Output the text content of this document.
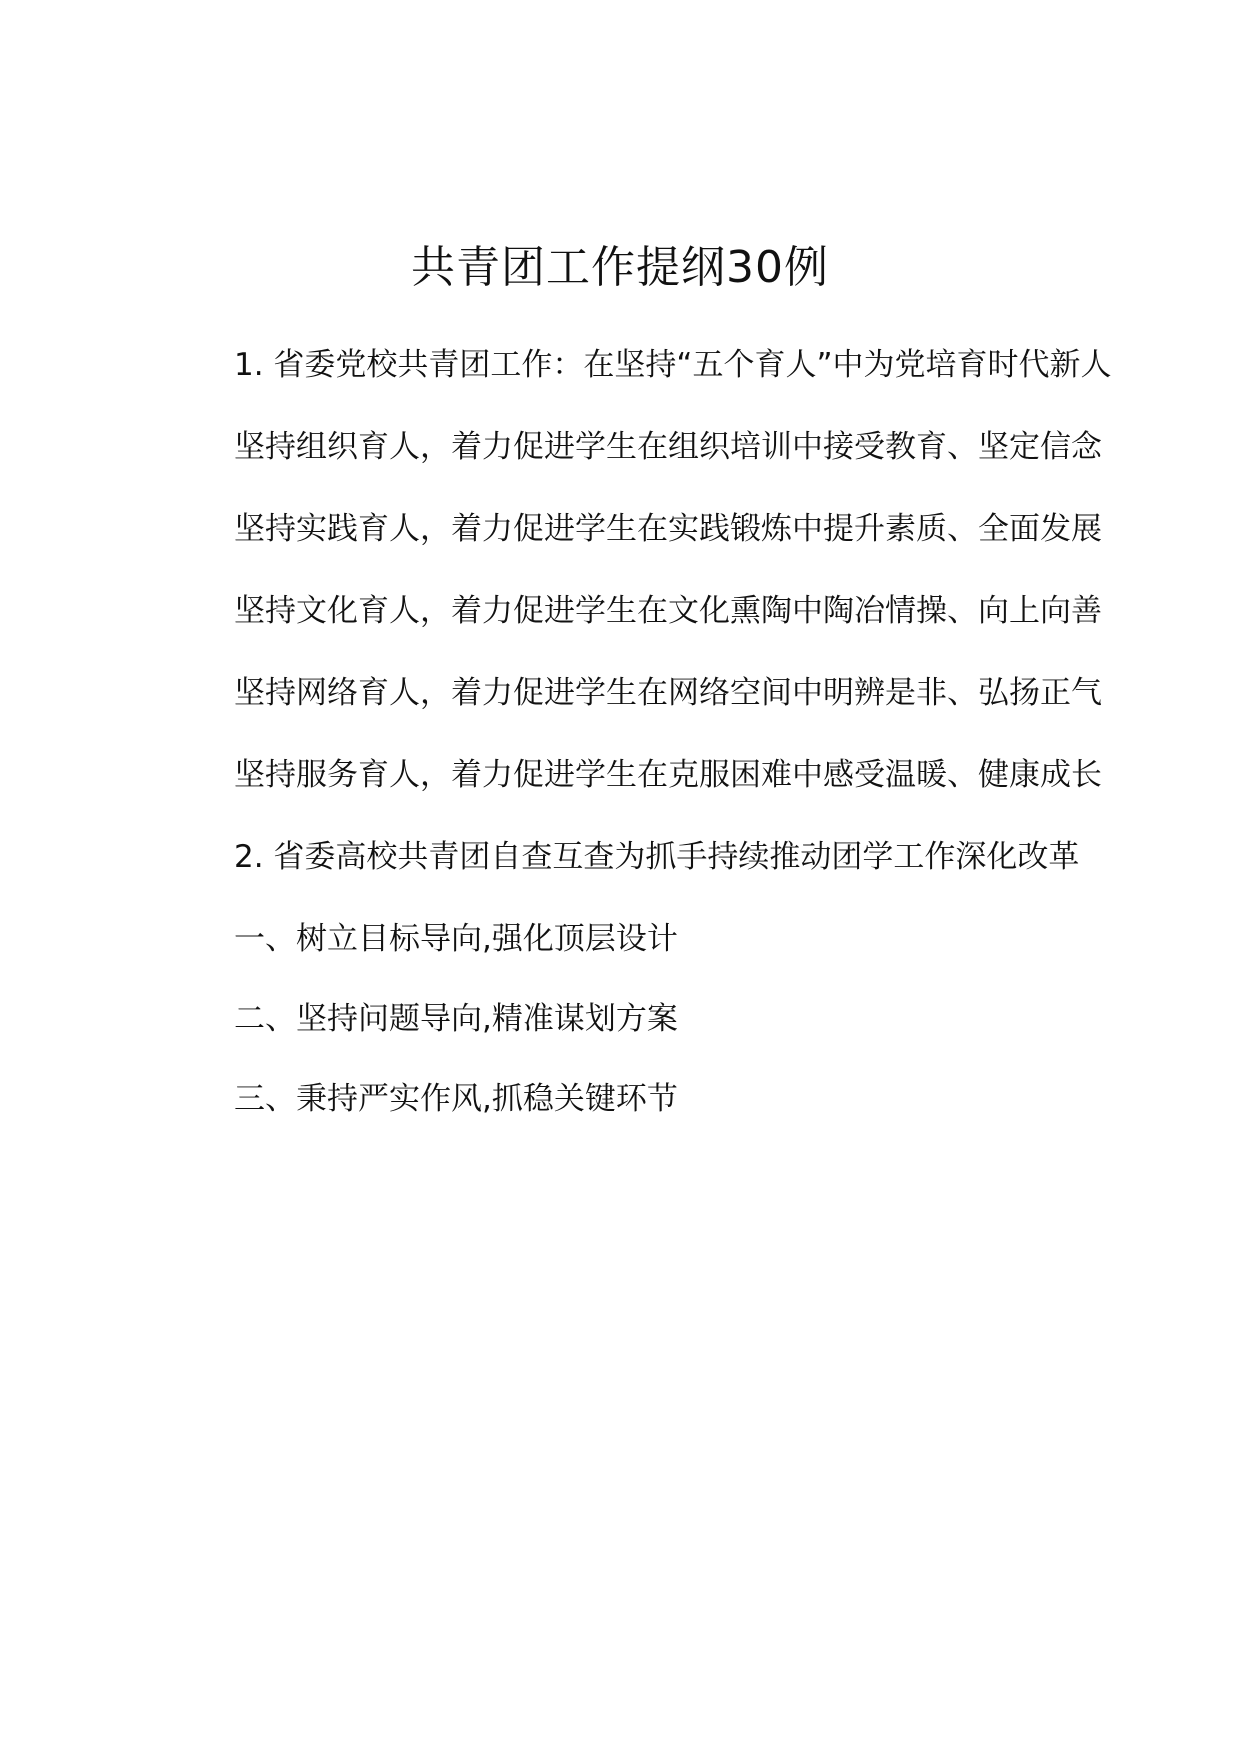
共青团工作提纲30例

1. 省委党校共青团工作：在坚持“五个育人”中为党培育时代新人

坚持组织育人，着力促进学生在组织培训中接受教育、坚定信念

坚持实践育人，着力促进学生在实践锻炼中提升素质、全面发展

坚持文化育人，着力促进学生在文化熏陶中陶冶情操、向上向善

坚持网络育人，着力促进学生在网络空间中明辨是非、弘扬正气

坚持服务育人，着力促进学生在克服困难中感受温暖、健康成长

2. 省委高校共青团自查互查为抓手持续推动团学工作深化改革

一、树立目标导向,强化顶层设计

二、坚持问题导向,精准谋划方案

三、秉持严实作风,抓稳关键环节
